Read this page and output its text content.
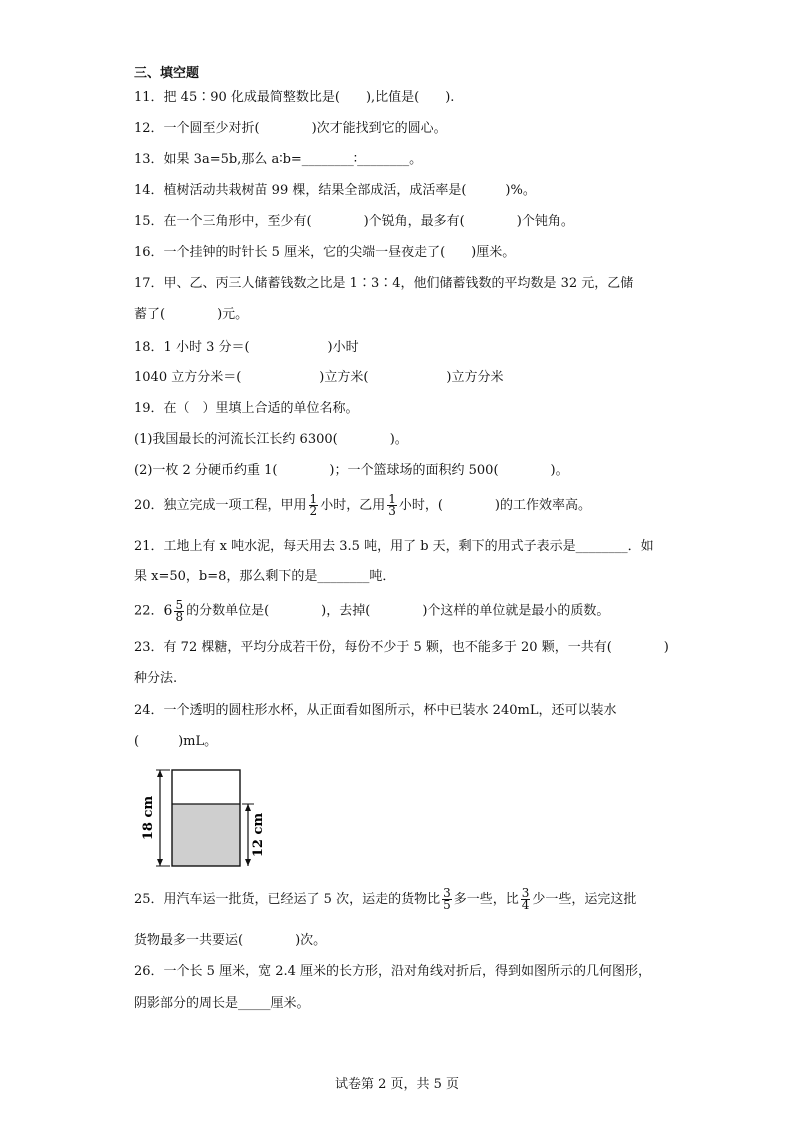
三、填空题
11．把 45∶90 化成最简整数比是(　　),比值是(　　).
12．一个圆至少对折(　　　　)次才能找到它的圆心。
13．如果 3a=5b,那么 a∶b=________∶________。
14．植树活动共栽树苗 99 棵，结果全部成活，成活率是(　　　)%。
15．在一个三角形中，至少有(　　　　)个锐角，最多有(　　　　)个钝角。
16．一个挂钟的时针长 5 厘米，它的尖端一昼夜走了(　　)厘米。
17．甲、乙、丙三人储蓄钱数之比是 1∶3∶4，他们储蓄钱数的平均数是 32 元，乙储
蓄了(　　　　)元。
18．1 小时 3 分＝(　　　　　　)小时
1040 立方分米＝(　　　　　　)立方米(　　　　　　)立方分米
19．在（　）里填上合适的单位名称。
(1)我国最长的河流长江长约 6300(　　　　)。
(2)一枚 2 分硬币约重 1(　　　　)；一个篮球场的面积约 500(　　　　)。
20．独立完成一项工程，甲用 $\frac{1}{2}$ 小时，乙用 $\frac{1}{3}$ 小时，(　　　　)的工作效率高。
21．工地上有 x 吨水泥，每天用去 3.5 吨，用了 b 天，剩下的用式子表示是________．如
果 x=50，b=8，那么剩下的是________吨．
22．$6 \frac{5}{8}$ 的分数单位是(　　　　)，去掉(　　　　)个这样的单位就是最小的质数。
23．有 72 棵糖，平均分成若干份，每份不少于 5 颗，也不能多于 20 颗，一共有(　　　　)
种分法.
24．一个透明的圆柱形水杯，从正面看如图所示，杯中已装水 240mL，还可以装水
(　　　)mL。
18 cm	12 cm
25．用汽车运一批货，已经运了 5 次，运走的货物比 $\frac{3}{5}$ 多一些，比 $\frac{3}{4}$ 少一些，运完这批
货物最多一共要运(　　　　)次。
26．一个长 5 厘米，宽 2.4 厘米的长方形，沿对角线对折后，得到如图所示的几何图形，
阴影部分的周长是_____厘米。
试卷第 2 页，共 5 页
